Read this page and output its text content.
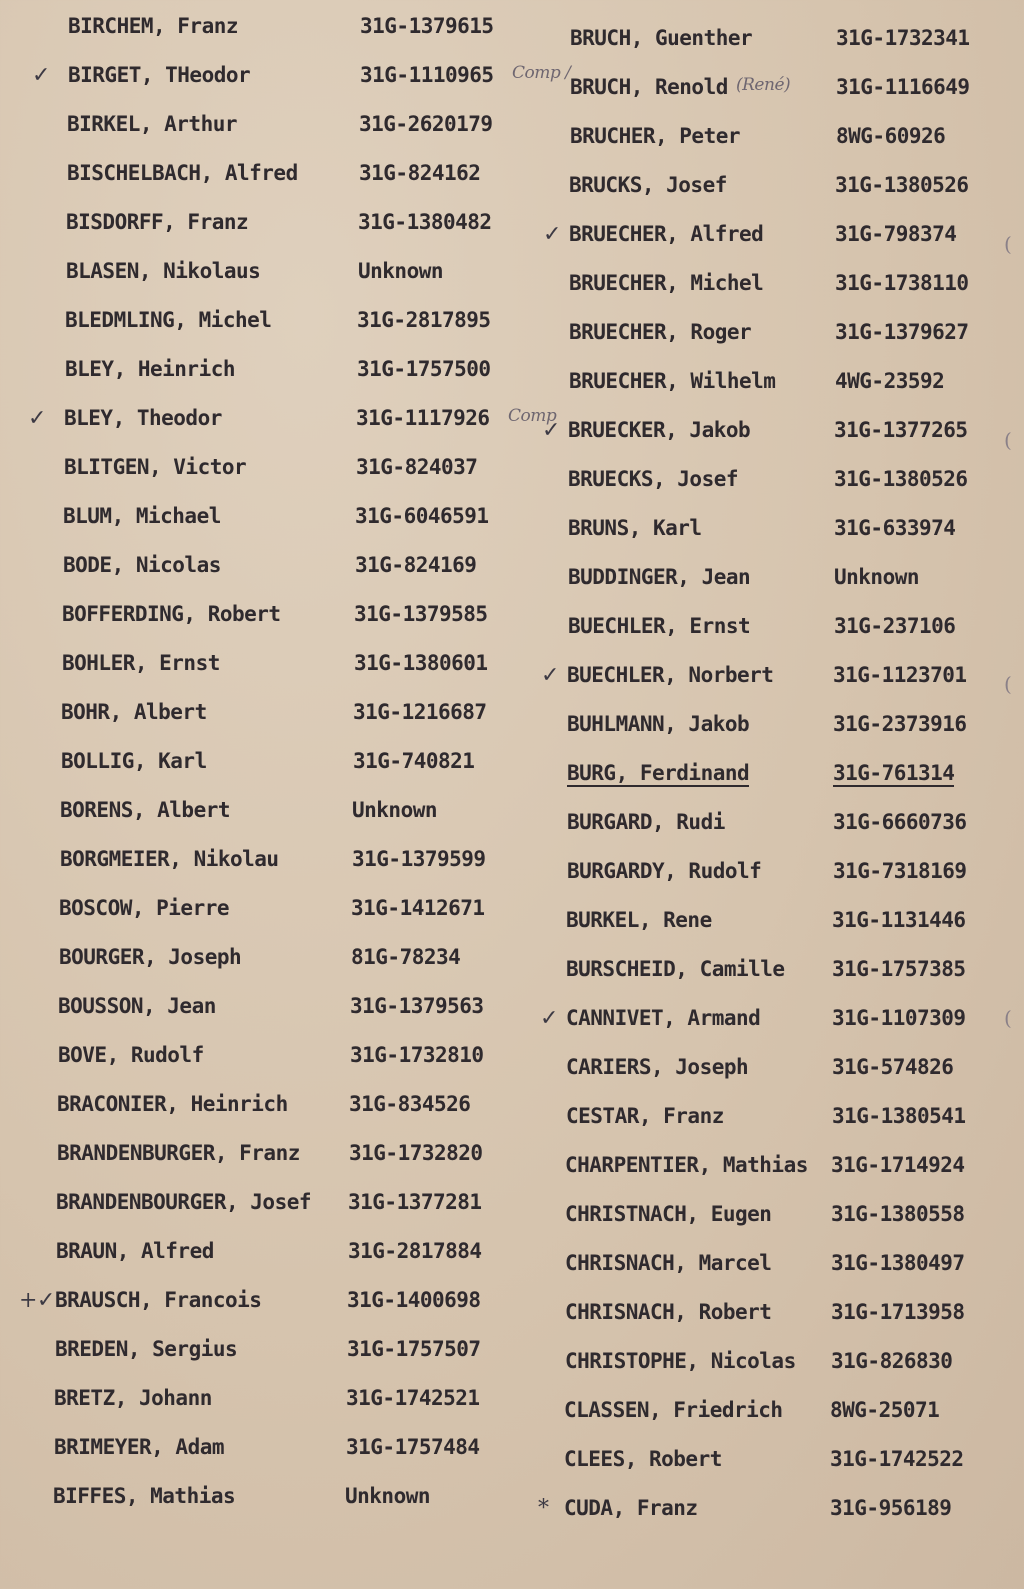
BIRCHEM, Franz	31G-1379615
✓ BIRGET, THeodor	31G-1110965 Comp /
BIRKEL, Arthur	31G-2620179
BISCHELBACH, Alfred	31G-824162
BISDORFF, Franz	31G-1380482
BLASEN, Nikolaus	Unknown
BLEDMLING, Michel	31G-2817895
BLEY, Heinrich	31G-1757500
✓ BLEY, Theodor	31G-1117926 Comp
BLITGEN, Victor	31G-824037
BLUM, Michael	31G-6046591
BODE, Nicolas	31G-824169
BOFFERDING, Robert	31G-1379585
BOHLER, Ernst	31G-1380601
BOHR, Albert	31G-1216687
BOLLIG, Karl	31G-740821
BORENS, Albert	Unknown
BORGMEIER, Nikolau	31G-1379599
BOSCOW, Pierre	31G-1412671
BOURGER, Joseph	81G-78234
BOUSSON, Jean	31G-1379563
BOVE, Rudolf	31G-1732810
BRACONIER, Heinrich	31G-834526
BRANDENBURGER, Franz 31G-1732820
BRANDENBOURGER, Josef 31G-1377281
BRAUN, Alfred	31G-2817884
+✓ BRAUSCH, Francois	31G-1400698
BREDEN, Sergius	31G-1757507
BRETZ, Johann	31G-1742521
BRIMEYER, Adam	31G-1757484
BIFFES, Mathias	Unknown
BRUCH, Guenther	31G-1732341
BRUCH, Renold	31G-1116649
(René)
BRUCHER, Peter	8WG-60926
BRUCKS, Josef	31G-1380526
✓ BRUECHER, Alfred	31G-798374
BRUECHER, Michel	31G-1738110
BRUECHER, Roger	31G-1379627
BRUECHER, Wilhelm	4WG-23592
✓ BRUECKER, Jakob	31G-1377265
BRUECKS, Josef	31G-1380526
BRUNS, Karl	31G-633974
BUDDINGER, Jean	Unknown
BUECHLER, Ernst	31G-237106
✓ BUECHLER, Norbert	31G-1123701
BUHLMANN, Jakob	31G-2373916
BURG, Ferdinand	31G-761314
BURGARD, Rudi	31G-6660736
BURGARDY, Rudolf	31G-7318169
BURKEL, Rene	31G-1131446
BURSCHEID, Camille 31G-1757385
✓ CANNIVET, Armand	31G-1107309
CARIERS, Joseph	31G-574826
CESTAR, Franz	31G-1380541
CHARPENTIER, Mathias 31G-1714924
CHRISTNACH, Eugen	31G-1380558
CHRISNACH, Marcel	31G-1380497
CHRISNACH, Robert	31G-1713958
CHRISTOPHE, Nicolas 31G-826830
CLASSEN, Friedrich 8WG-25071
CLEES, Robert	31G-1742522
* CUDA, Franz	31G-956189
(
(
(
(
